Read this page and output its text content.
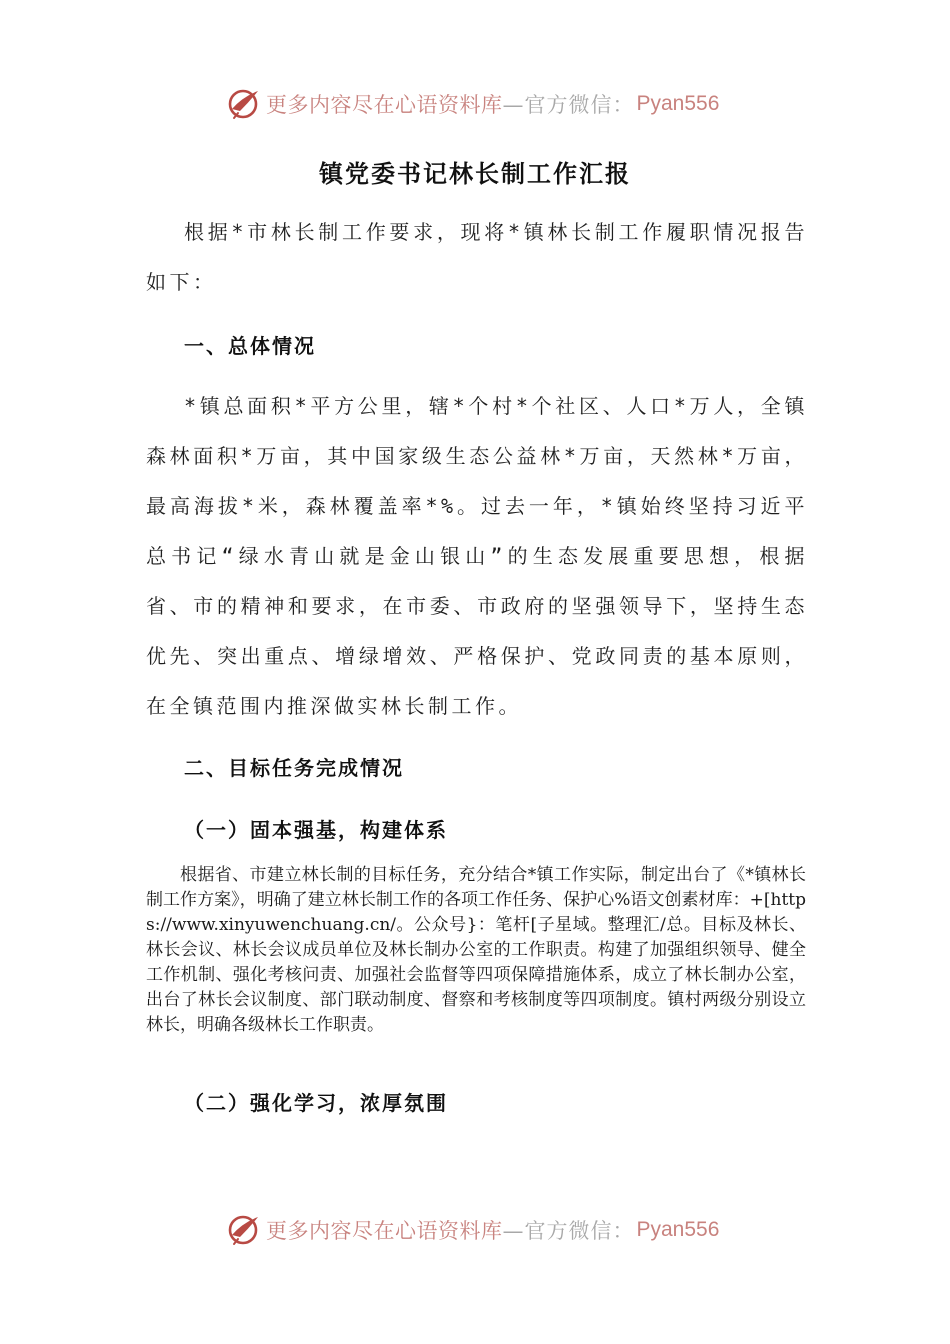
更多内容尽在心语资料库 —官方微信： Pyan556
镇党委书记林长制工作汇报
根据*市林长制工作要求，现将*镇林长制工作履职情况报告如下：
一、总体情况
*镇总面积*平方公里，辖*个村*个社区、人口*万人，全镇森林面积*万亩，其中国家级生态公益林*万亩，天然林*万亩，最高海拔*米，森林覆盖率*%。过去一年，*镇始终坚持习近平总书记“绿水青山就是金山银山”的生态发展重要思想，根据省、市的精神和要求，在市委、市政府的坚强领导下，坚持生态优先、突出重点、增绿增效、严格保护、党政同责的基本原则，在全镇范围内推深做实林长制工作。
二、目标任务完成情况
（一）固本强基，构建体系
根据省、市建立林长制的目标任务，充分结合*镇工作实际，制定出台了《*镇林长制工作方案》，明确了建立林长制工作的各项工作任务、保护心%语文创素材库：+[https://www.xinyuwenchuang.cn/。公众号}：笔杆[子星域。整理汇/总。目标及林长、林长会议、林长会议成员单位及林长制办公室的工作职责。构建了加强组织领导、健全工作机制、强化考核问责、加强社会监督等四项保障措施体系，成立了林长制办公室，出台了林长会议制度、部门联动制度、督察和考核制度等四项制度。镇村两级分别设立林长，明确各级林长工作职责。
（二）强化学习，浓厚氛围
更多内容尽在心语资料库 —官方微信： Pyan556
